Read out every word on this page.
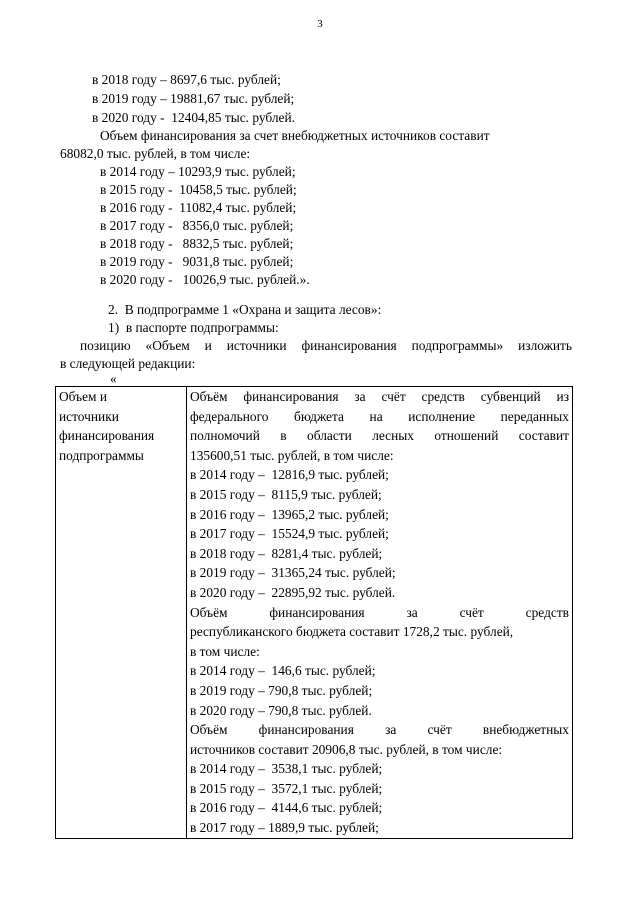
3
в 2018 году – 8697,6 тыс. рублей;
в 2019 году – 19881,67 тыс. рублей;
в 2020 году -  12404,85 тыс. рублей.
Объем финансирования за счет внебюджетных источников составит
68082,0 тыс. рублей, в том числе:
в 2014 году – 10293,9 тыс. рублей;
в 2015 году -  10458,5 тыс. рублей;
в 2016 году -  11082,4 тыс. рублей;
в 2017 году -   8356,0 тыс. рублей;
в 2018 году -   8832,5 тыс. рублей;
в 2019 году -   9031,8 тыс. рублей;
в 2020 году -   10026,9 тыс. рублей.».
2.  В подпрограмме 1 «Охрана и защита лесов»:
1)  в паспорте подпрограммы:
позицию «Объем и источники финансирования подпрограммы» изложить
в следующей редакции:
«
Объем и
источники
финансирования
подпрограммы

Объём финансирования за счёт средств субвенций из
федерального бюджета на исполнение переданных
полномочий в области лесных отношений составит
135600,51 тыс. рублей, в том числе:
в 2014 году –  12816,9 тыс. рублей;
в 2015 году –  8115,9 тыс. рублей;
в 2016 году –  13965,2 тыс. рублей;
в 2017 году –  15524,9 тыс. рублей;
в 2018 году –  8281,4 тыс. рублей;
в 2019 году –  31365,24 тыс. рублей;
в 2020 году –  22895,92 тыс. рублей.
Объём финансирования за счёт средств
республиканского бюджета составит 1728,2 тыс. рублей,
в том числе:
в 2014 году –  146,6 тыс. рублей;
в 2019 году – 790,8 тыс. рублей;
в 2020 году – 790,8 тыс. рублей.
Объём финансирования за счёт внебюджетных
источников составит 20906,8 тыс. рублей, в том числе:
в 2014 году –  3538,1 тыс. рублей;
в 2015 году –  3572,1 тыс. рублей;
в 2016 году –  4144,6 тыс. рублей;
в 2017 году – 1889,9 тыс. рублей;
